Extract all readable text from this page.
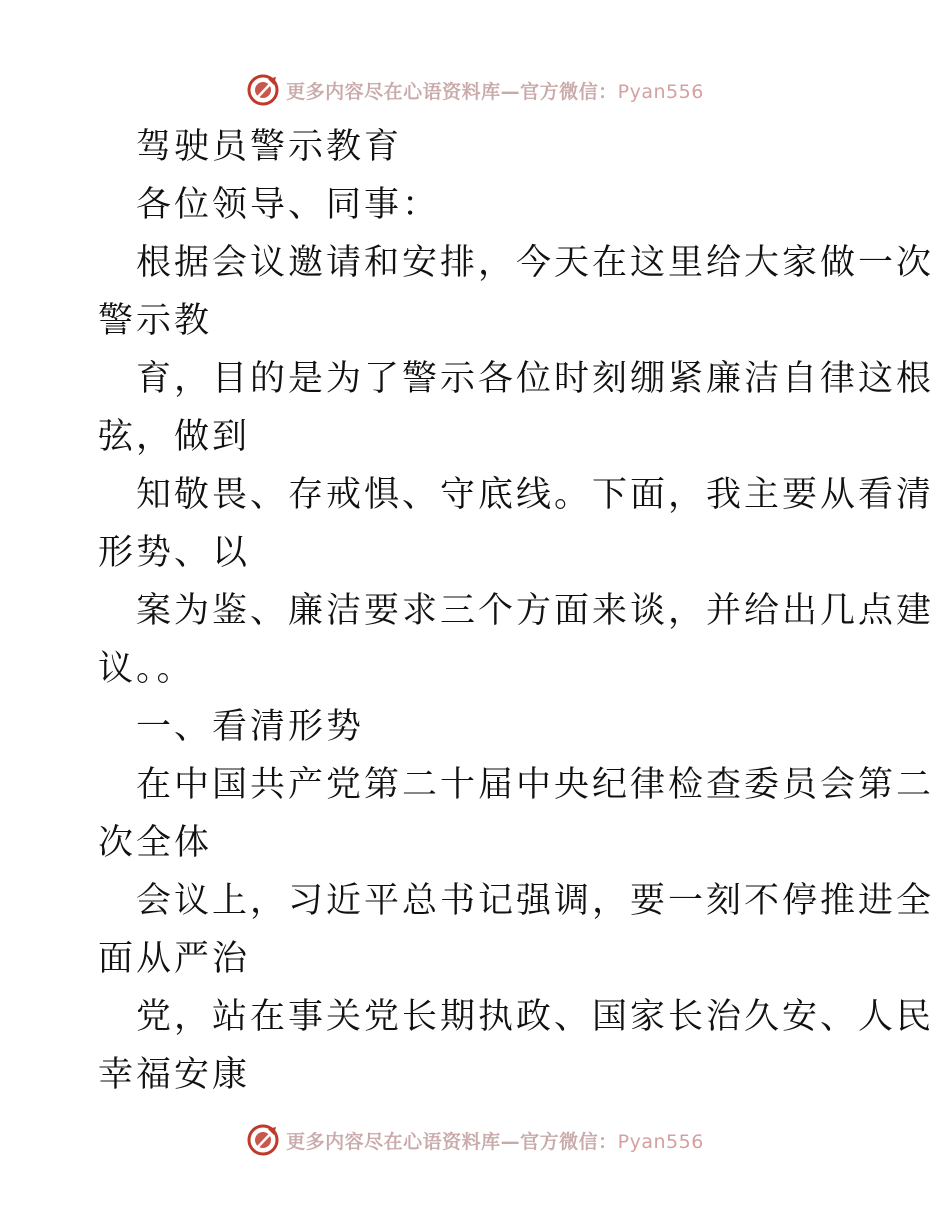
更多内容尽在心语资料库—官方微信：Pyan556
驾驶员警示教育
各位领导、同事：
根据会议邀请和安排，今天在这里给大家做一次
警示教
育，目的是为了警示各位时刻绷紧廉洁自律这根
弦，做到
知敬畏、存戒惧、守底线。下面，我主要从看清
形势、以
案为鉴、廉洁要求三个方面来谈，并给出几点建
议。。
一、看清形势
在中国共产党第二十届中央纪律检查委员会第二
次全体
会议上，习近平总书记强调，要一刻不停推进全
面从严治
党，站在事关党长期执政、国家长治久安、人民
幸福安康
更多内容尽在心语资料库—官方微信：Pyan556
